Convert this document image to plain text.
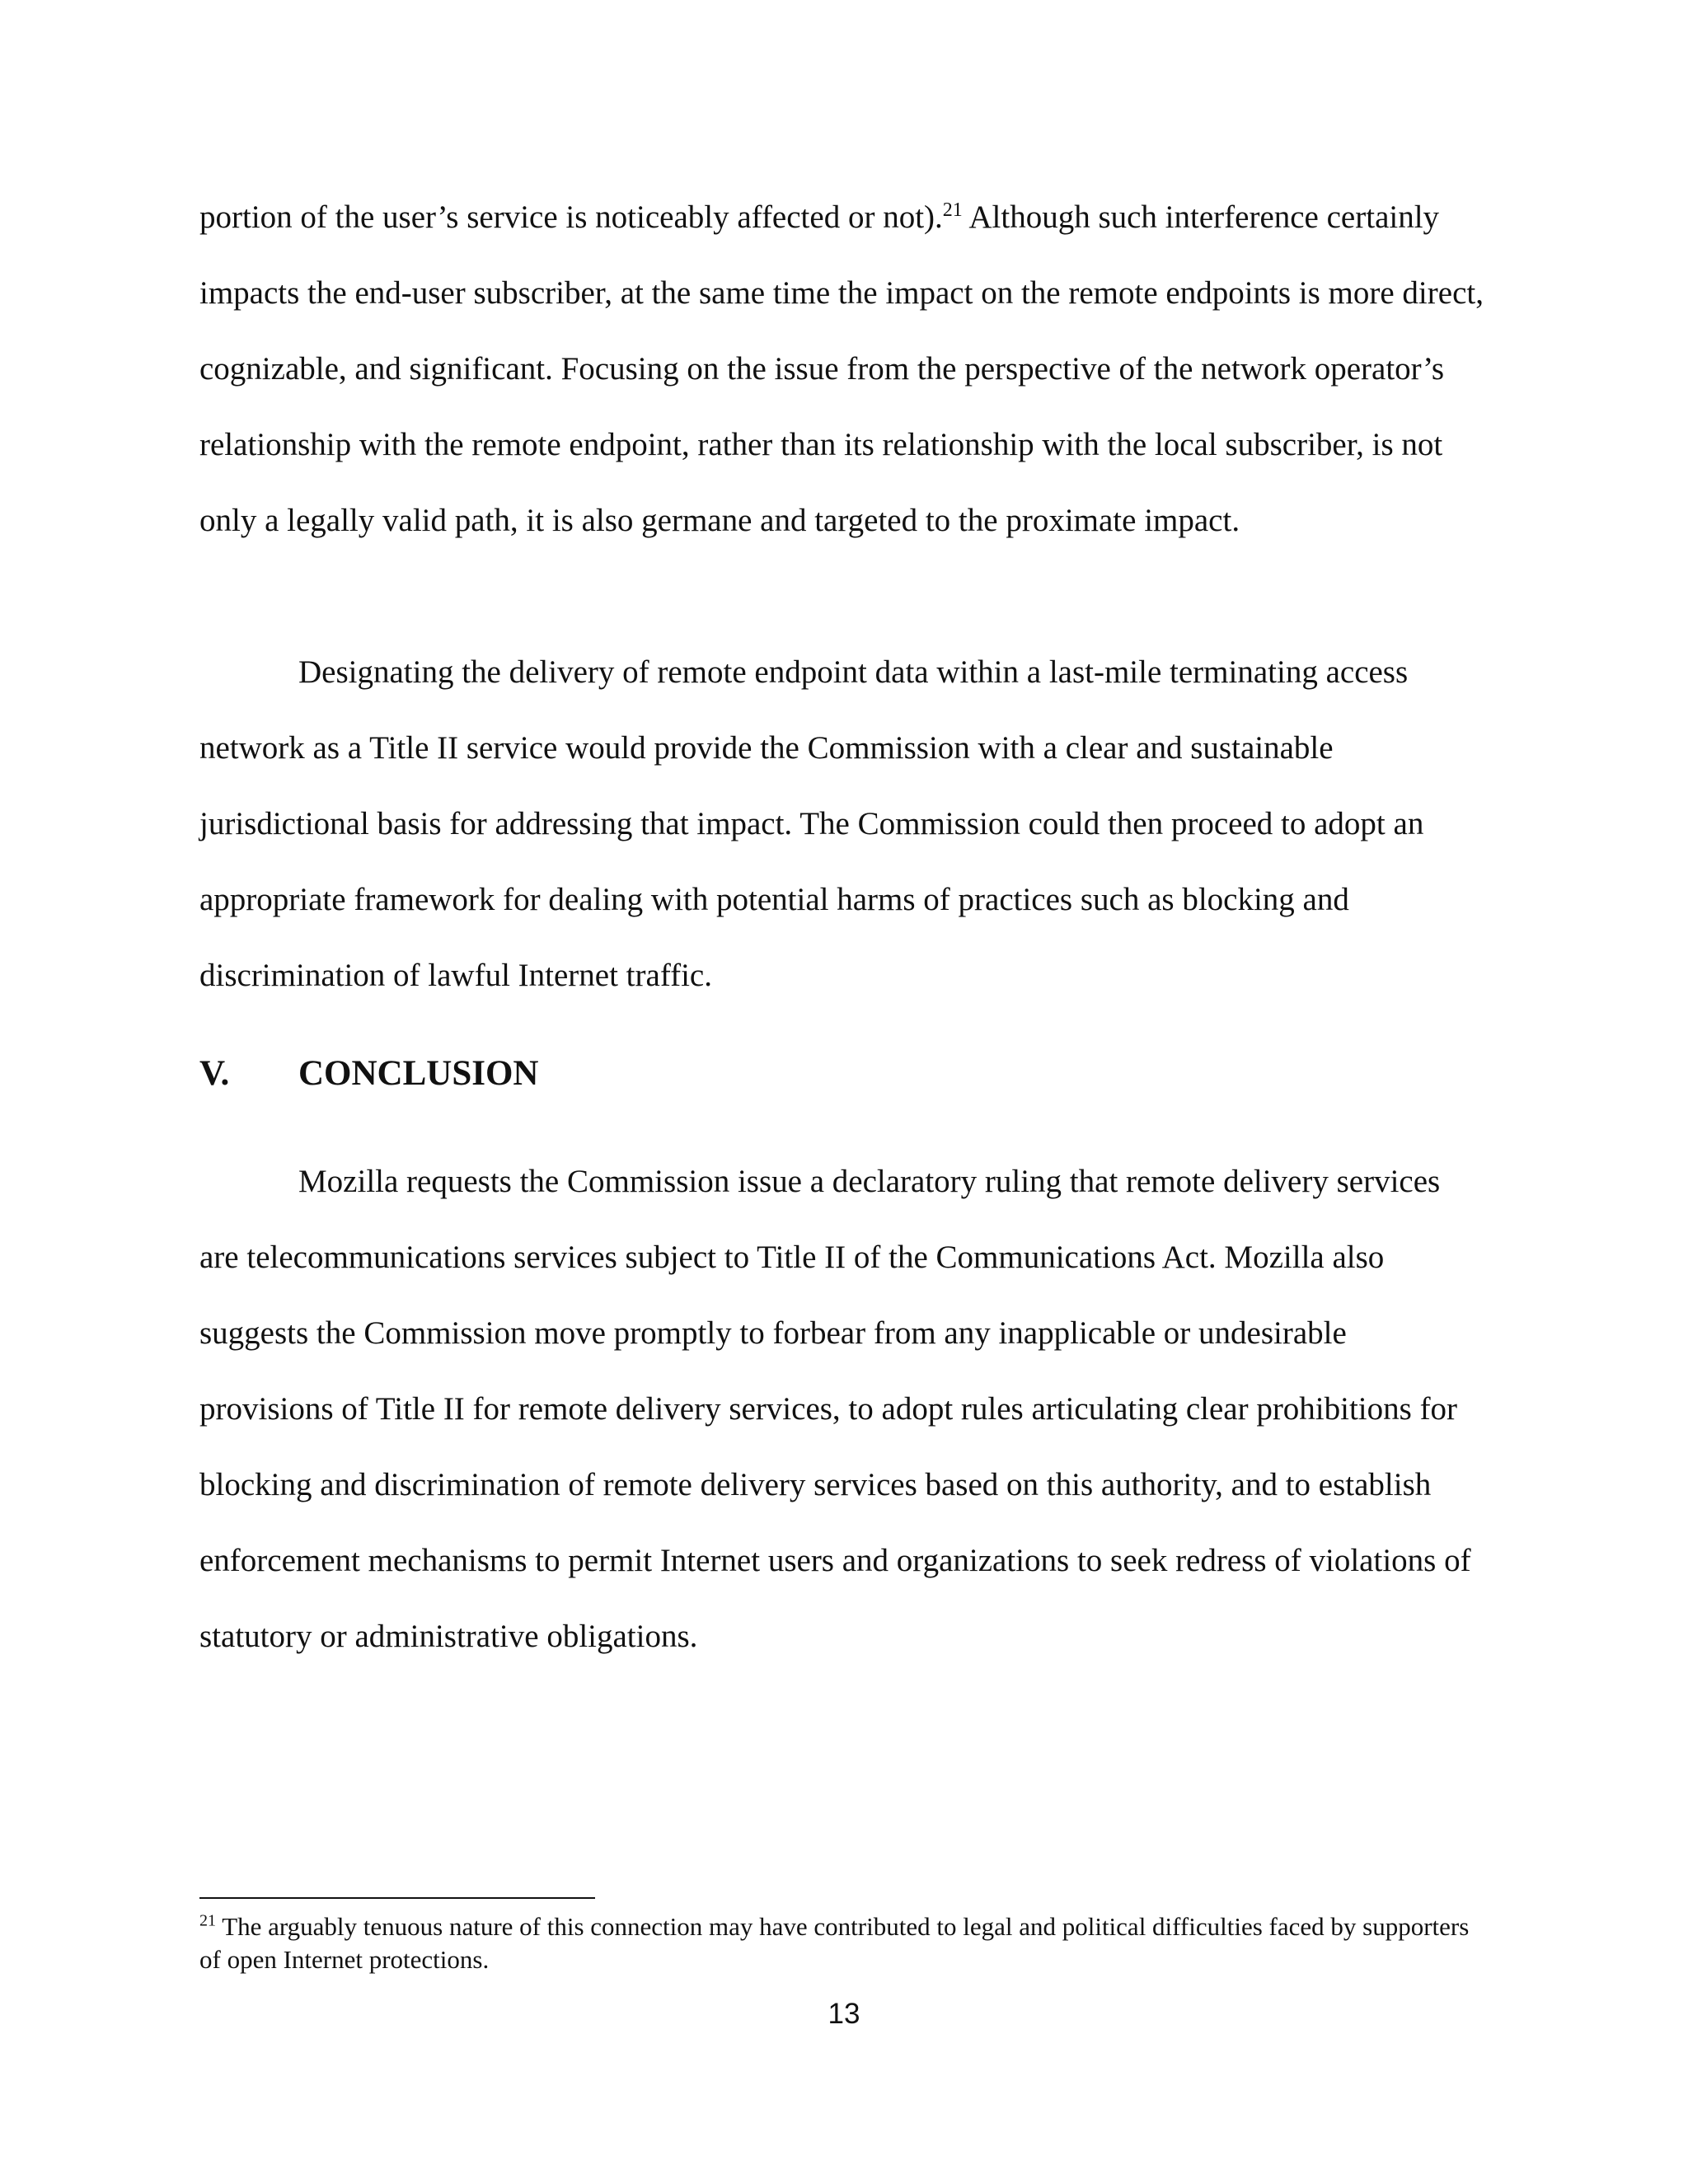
portion of the user’s service is noticeably affected or not).$^{21}$ Although such interference certainly impacts the end-user subscriber, at the same time the impact on the remote endpoints is more direct, cognizable, and significant. Focusing on the issue from the perspective of the network operator’s relationship with the remote endpoint, rather than its relationship with the local subscriber, is not only a legally valid path, it is also germane and targeted to the proximate impact.

Designating the delivery of remote endpoint data within a last-mile terminating access network as a Title II service would provide the Commission with a clear and sustainable jurisdictional basis for addressing that impact. The Commission could then proceed to adopt an appropriate framework for dealing with potential harms of practices such as blocking and discrimination of lawful Internet traffic.

V.	CONCLUSION

Mozilla requests the Commission issue a declaratory ruling that remote delivery services are telecommunications services subject to Title II of the Communications Act. Mozilla also suggests the Commission move promptly to forbear from any inapplicable or undesirable provisions of Title II for remote delivery services, to adopt rules articulating clear prohibitions for blocking and discrimination of remote delivery services based on this authority, and to establish enforcement mechanisms to permit Internet users and organizations to seek redress of violations of statutory or administrative obligations.

$^{21}$ The arguably tenuous nature of this connection may have contributed to legal and political difficulties faced by supporters of open Internet protections.

13
